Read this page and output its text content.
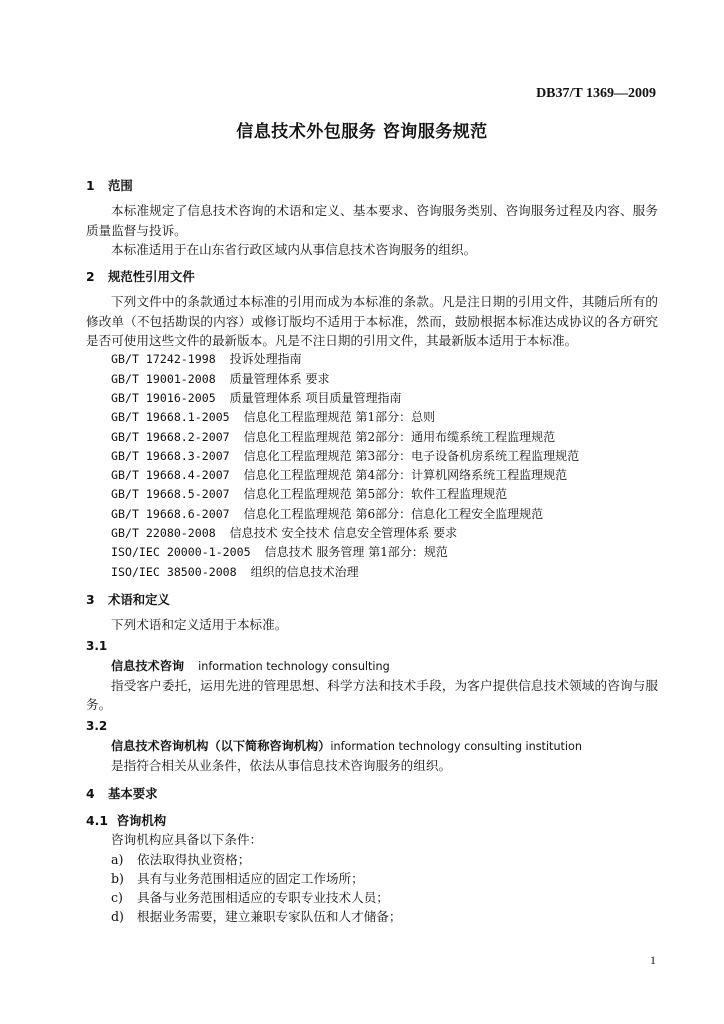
DB37/T 1369—2009
信息技术外包服务 咨询服务规范
1 范围

本标准规定了信息技术咨询的术语和定义、基本要求、咨询服务类别、咨询服务过程及内容、服务质量监督与投诉。

本标准适用于在山东省行政区域内从事信息技术咨询服务的组织。

2 规范性引用文件

下列文件中的条款通过本标准的引用而成为本标准的条款。凡是注日期的引用文件，其随后所有的修改单（不包括勘误的内容）或修订版均不适用于本标准，然而，鼓励根据本标准达成协议的各方研究是否可使用这些文件的最新版本。凡是不注日期的引用文件，其最新版本适用于本标准。

GB/T 17242-1998 投诉处理指南
GB/T 19001-2008 质量管理体系 要求
GB/T 19016-2005 质量管理体系 项目质量管理指南
GB/T 19668.1-2005 信息化工程监理规范 第1部分：总则
GB/T 19668.2-2007 信息化工程监理规范 第2部分：通用布缆系统工程监理规范
GB/T 19668.3-2007 信息化工程监理规范 第3部分：电子设备机房系统工程监理规范
GB/T 19668.4-2007 信息化工程监理规范 第4部分：计算机网络系统工程监理规范
GB/T 19668.5-2007 信息化工程监理规范 第5部分：软件工程监理规范
GB/T 19668.6-2007 信息化工程监理规范 第6部分：信息化工程安全监理规范
GB/T 22080-2008 信息技术 安全技术 信息安全管理体系 要求
ISO/IEC 20000-1-2005 信息技术 服务管理 第1部分：规范
ISO/IEC 38500-2008 组织的信息技术治理
3 术语和定义

下列术语和定义适用于本标准。

3.1
信息技术咨询 information technology consulting

指受客户委托，运用先进的管理思想、科学方法和技术手段，为客户提供信息技术领域的咨询与服务。

3.2
信息技术咨询机构（以下简称咨询机构）information technology consulting institution

是指符合相关从业条件，依法从事信息技术咨询服务的组织。

4 基本要求
4.1 咨询机构

咨询机构应具备以下条件：

a) 依法取得执业资格；
b) 具有与业务范围相适应的固定工作场所；
c) 具备与业务范围相适应的专职专业技术人员；
d) 根据业务需要，建立兼职专家队伍和人才储备；
1
